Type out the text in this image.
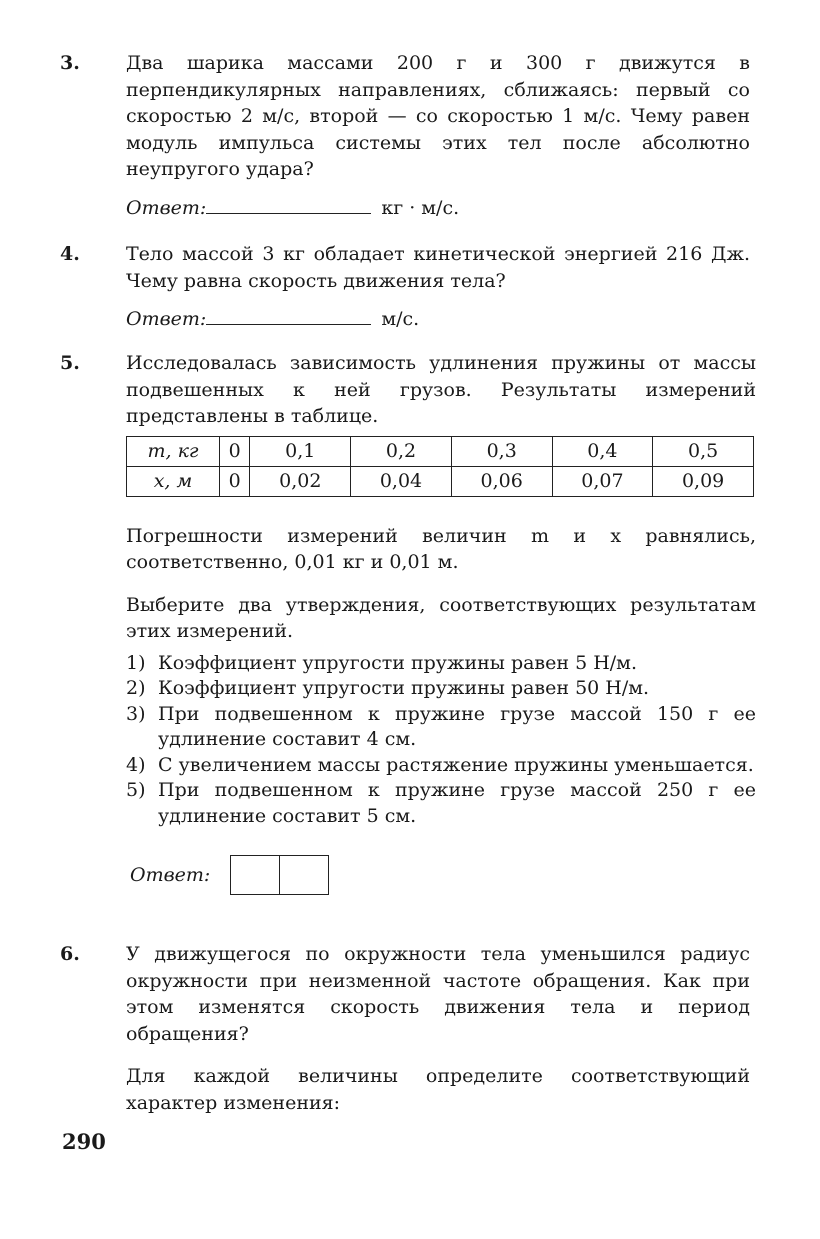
3. Два шарика массами 200 г и 300 г движутся в перпендикулярных направлениях, сближаясь: первый со скоростью 2 м/с, второй — со скоростью 1 м/с. Чему равен модуль импульса системы этих тел после абсолютно неупругого удара?
Ответ:	кг · м/с.
4. Тело массой 3 кг обладает кинетической энергией 216 Дж. Чему равна скорость движения тела?
Ответ:	м/с.
5. Исследовалась зависимость удлинения пружины от массы подвешенных к ней грузов. Результаты измерений представлены в таблице.
m, кг	0	0,1	0,2	0,3	0,4	0,5
x, м	0	0,02	0,04	0,06	0,07	0,09
Погрешности измерений величин m и x равнялись, соответственно, 0,01 кг и 0,01 м.
Выберите два утверждения, соответствующих результатам этих измерений.
1) Коэффициент упругости пружины равен 5 Н/м.
2) Коэффициент упругости пружины равен 50 Н/м.
3) При подвешенном к пружине грузе массой 150 г ее удлинение составит 4 см.
4) С увеличением массы растяжение пружины уменьшается.
5) При подвешенном к пружине грузе массой 250 г ее удлинение составит 5 см.
Ответ:
6. У движущегося по окружности тела уменьшился радиус окружности при неизменной частоте обращения. Как при этом изменятся скорость движения тела и период обращения?
Для каждой величины определите соответствующий характер изменения:
290
